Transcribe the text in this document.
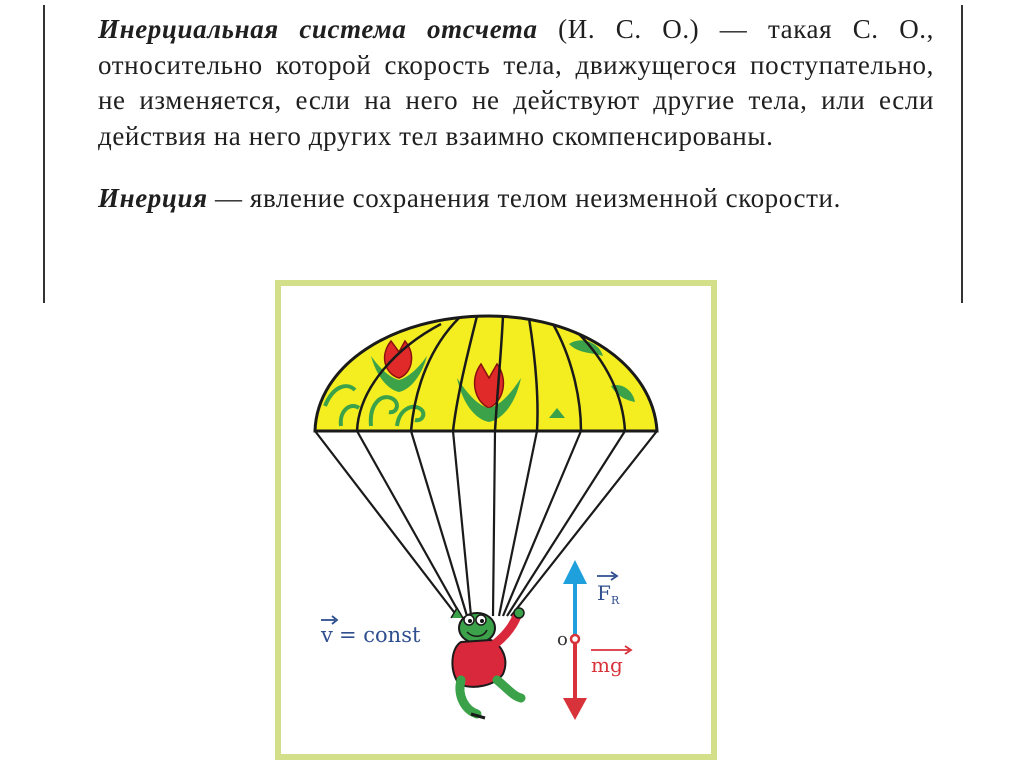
Инерциальная система отсчета (И. С. О.) — такая С. О., относительно которой скорость тела, движущегося поступательно, не изменяется, если на него не действуют другие тела, или если действия на него других тел взаимно скомпенсированы.

Инерция — явление сохранения телом неизменной скорости.

v = const	o
F R
mg
